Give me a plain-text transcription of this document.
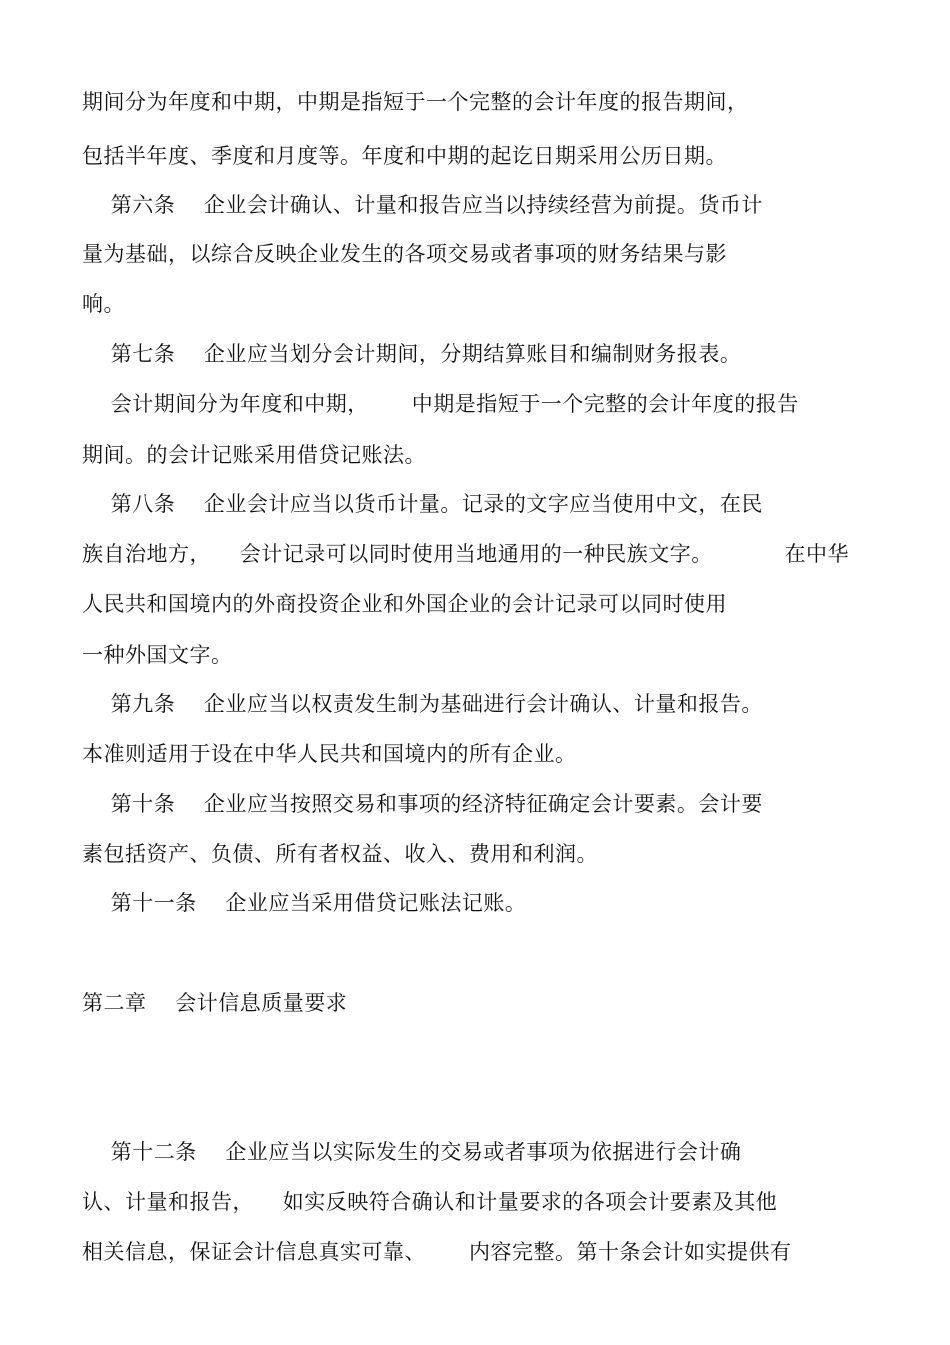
期间分为年度和中期，中期是指短于一个完整的会计年度的报告期间，
包括半年度、季度和月度等。年度和中期的起讫日期采用公历日期。
第六条    企业会计确认、计量和报告应当以持续经营为前提。货币计
量为基础，以综合反映企业发生的各项交易或者事项的财务结果与影
响。
第七条    企业应当划分会计期间，分期结算账目和编制财务报表。
会计期间分为年度和中期，      中期是指短于一个完整的会计年度的报告
期间。的会计记账采用借贷记账法。
第八条    企业会计应当以货币计量。记录的文字应当使用中文，在民
族自治地方，    会计记录可以同时使用当地通用的一种民族文字。          在中华
人民共和国境内的外商投资企业和外国企业的会计记录可以同时使用
一种外国文字。
第九条    企业应当以权责发生制为基础进行会计确认、计量和报告。
本准则适用于设在中华人民共和国境内的所有企业。
第十条    企业应当按照交易和事项的经济特征确定会计要素。会计要
素包括资产、负债、所有者权益、收入、费用和利润。
第十一条    企业应当采用借贷记账法记账。
第二章    会计信息质量要求
第十二条    企业应当以实际发生的交易或者事项为依据进行会计确
认、计量和报告，    如实反映符合确认和计量要求的各项会计要素及其他
相关信息，保证会计信息真实可靠、      内容完整。第十条会计如实提供有
